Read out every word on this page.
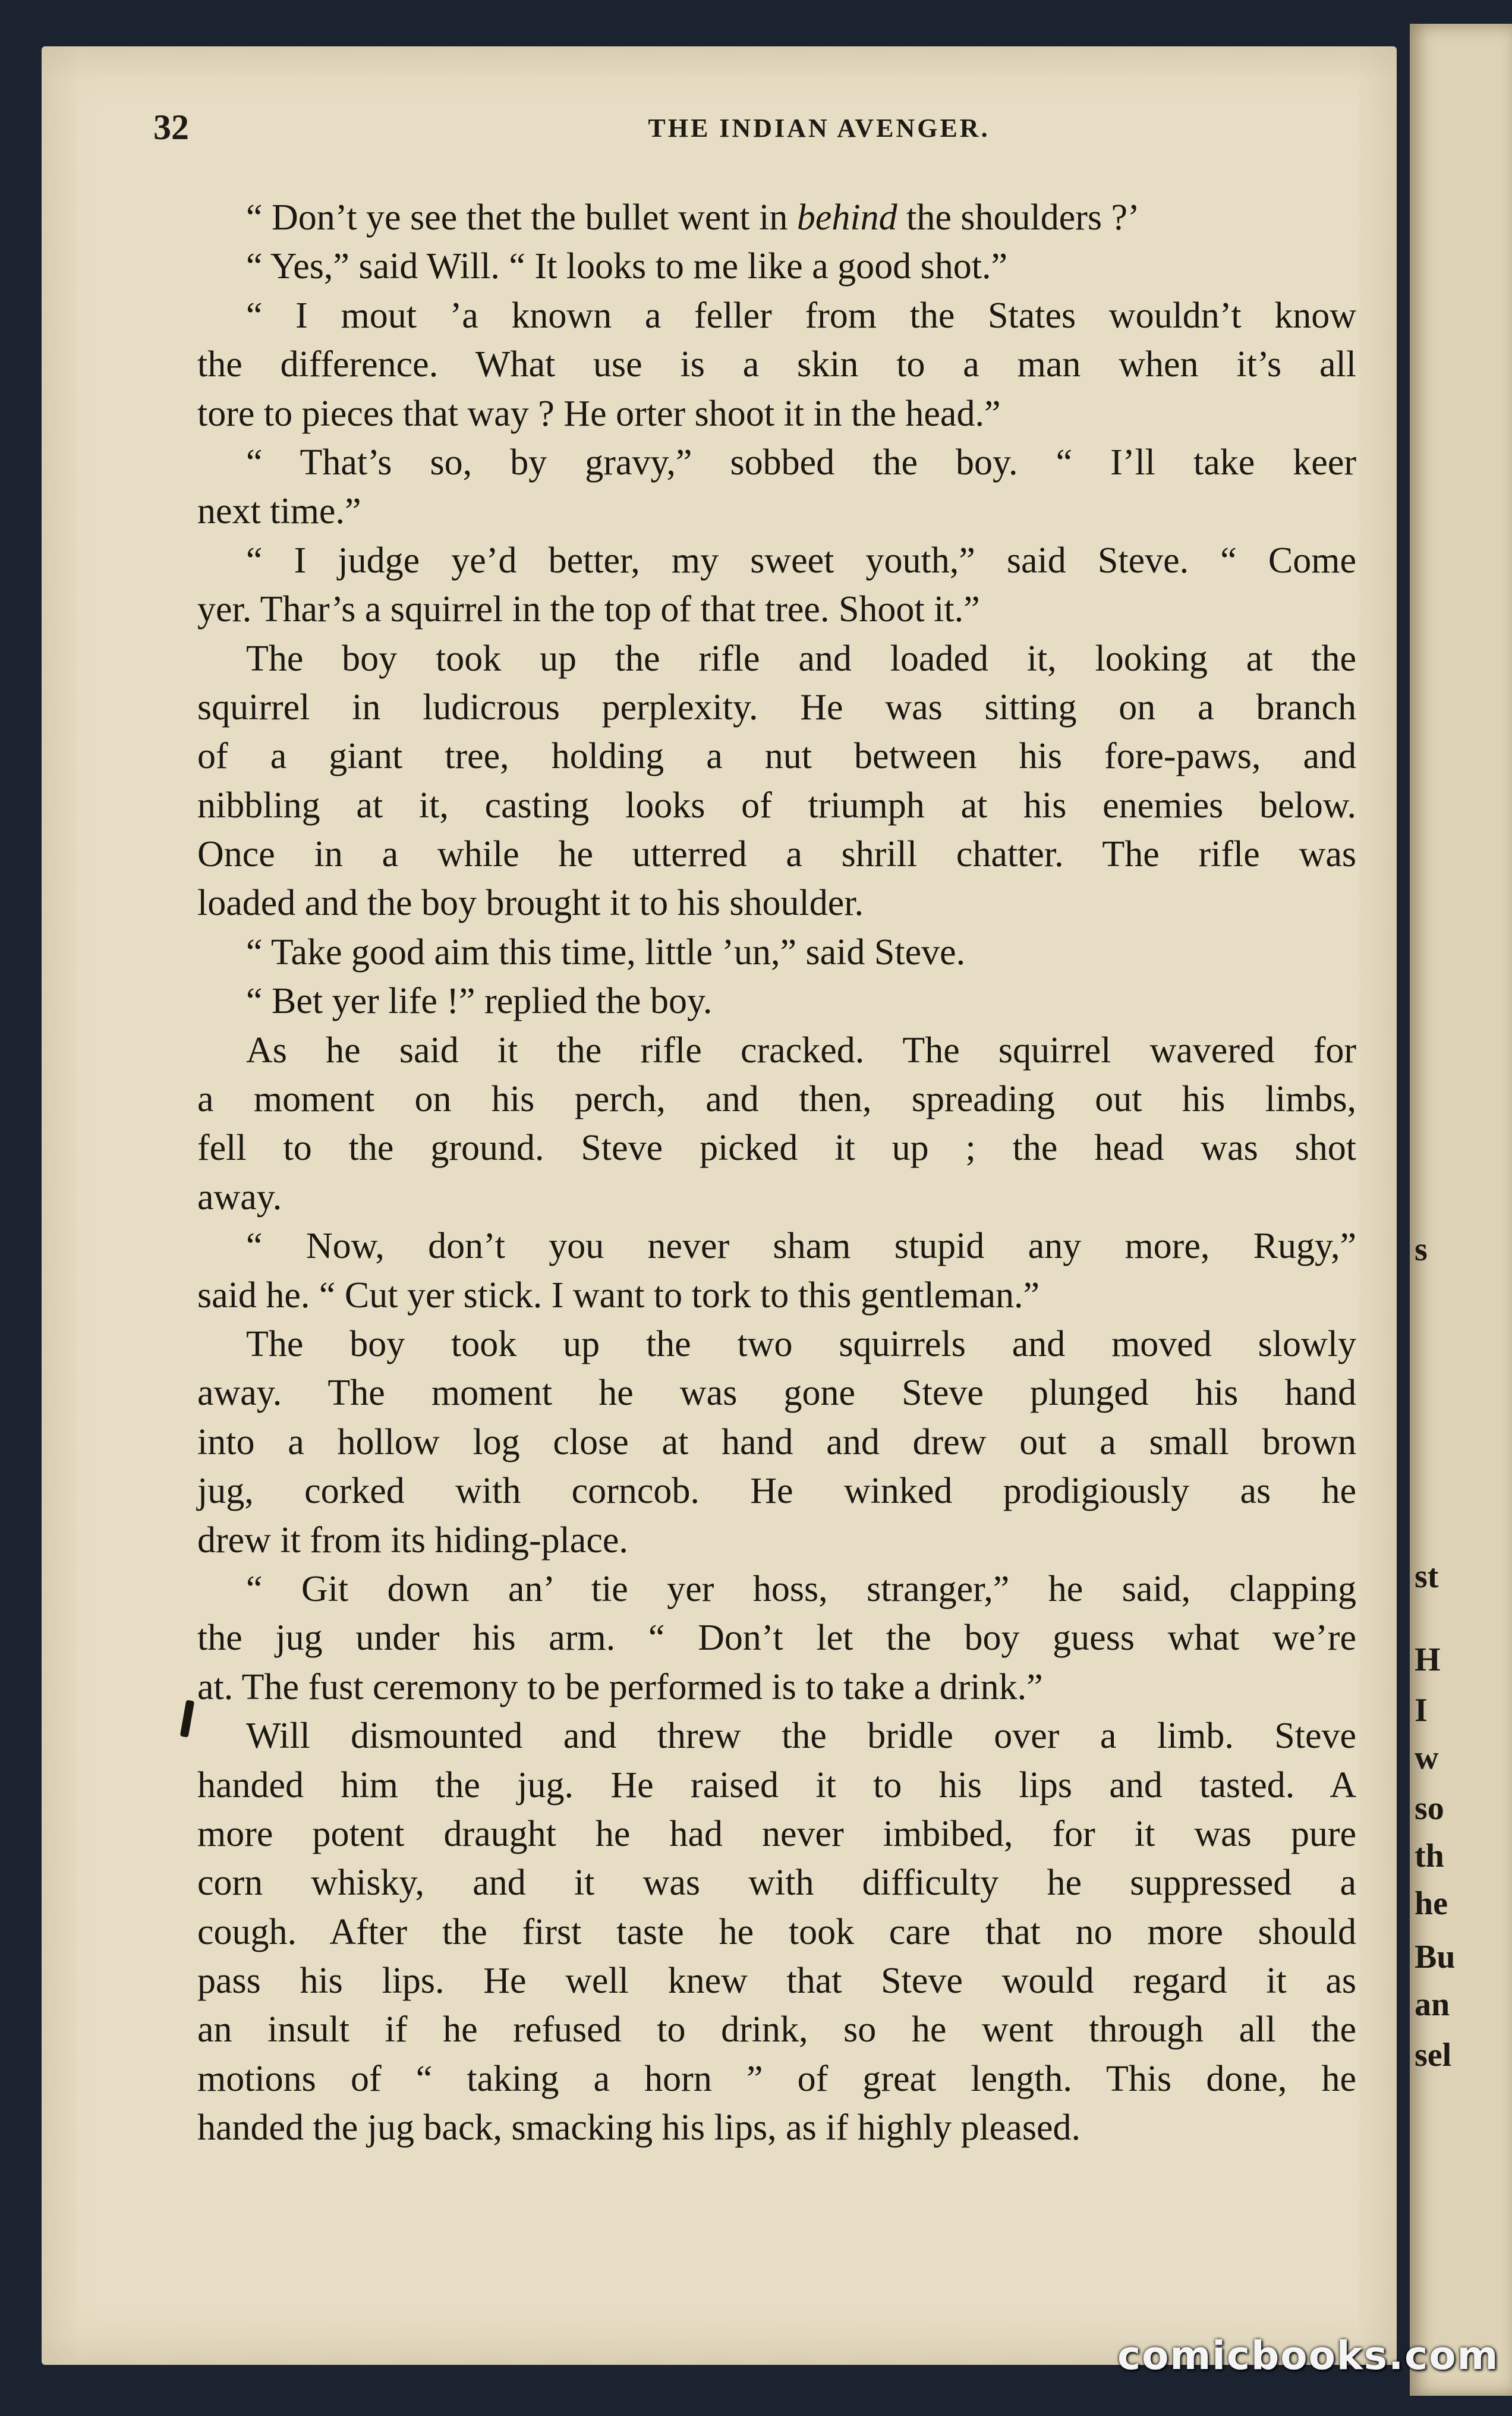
32	THE INDIAN AVENGER.

“ Don’t ye see thet the bullet went in behind the shoulders ?’

“ Yes,” said Will. “ It looks to me like a good shot.”

“ I mout ’a known a feller from the States wouldn’t know

the difference. What use is a skin to a man when it’s all

tore to pieces that way ? He orter shoot it in the head.”

“ That’s so, by gravy,” sobbed the boy. “ I’ll take keer

next time.”

“ I judge ye’d better, my sweet youth,” said Steve. “ Come

yer. Thar’s a squirrel in the top of that tree. Shoot it.”

The boy took up the rifle and loaded it, looking at the

squirrel in ludicrous perplexity. He was sitting on a branch

of a giant tree, holding a nut between his fore-paws, and

nibbling at it, casting looks of triumph at his enemies below.

Once in a while he utterred a shrill chatter. The rifle was

loaded and the boy brought it to his shoulder.

“ Take good aim this time, little ’un,” said Steve.

“ Bet yer life !” replied the boy.

As he said it the rifle cracked. The squirrel wavered for

a moment on his perch, and then, spreading out his limbs,

fell to the ground. Steve picked it up ; the head was shot

away.

“ Now, don’t you never sham stupid any more, Rugy,”

said he. “ Cut yer stick. I want to tork to this gentleman.”

The boy took up the two squirrels and moved slowly

away. The moment he was gone Steve plunged his hand

into a hollow log close at hand and drew out a small brown

jug, corked with corncob. He winked prodigiously as he

drew it from its hiding-place.

“ Git down an’ tie yer hoss, stranger,” he said, clapping

the jug under his arm. “ Don’t let the boy guess what we’re

at. The fust ceremony to be performed is to take a drink.”

Will dismounted and threw the bridle over a limb. Steve

handed him the jug. He raised it to his lips and tasted. A

more potent draught he had never imbibed, for it was pure

corn whisky, and it was with difficulty he suppressed a

cough. After the first taste he took care that no more should

pass his lips. He well knew that Steve would regard it as

an insult if he refused to drink, so he went through all the

motions of “ taking a horn ” of great length. This done, he

handed the jug back, smacking his lips, as if highly pleased.

s

st

H

I

w

so

th

he

Bu

an

sel

comicbooks.com
